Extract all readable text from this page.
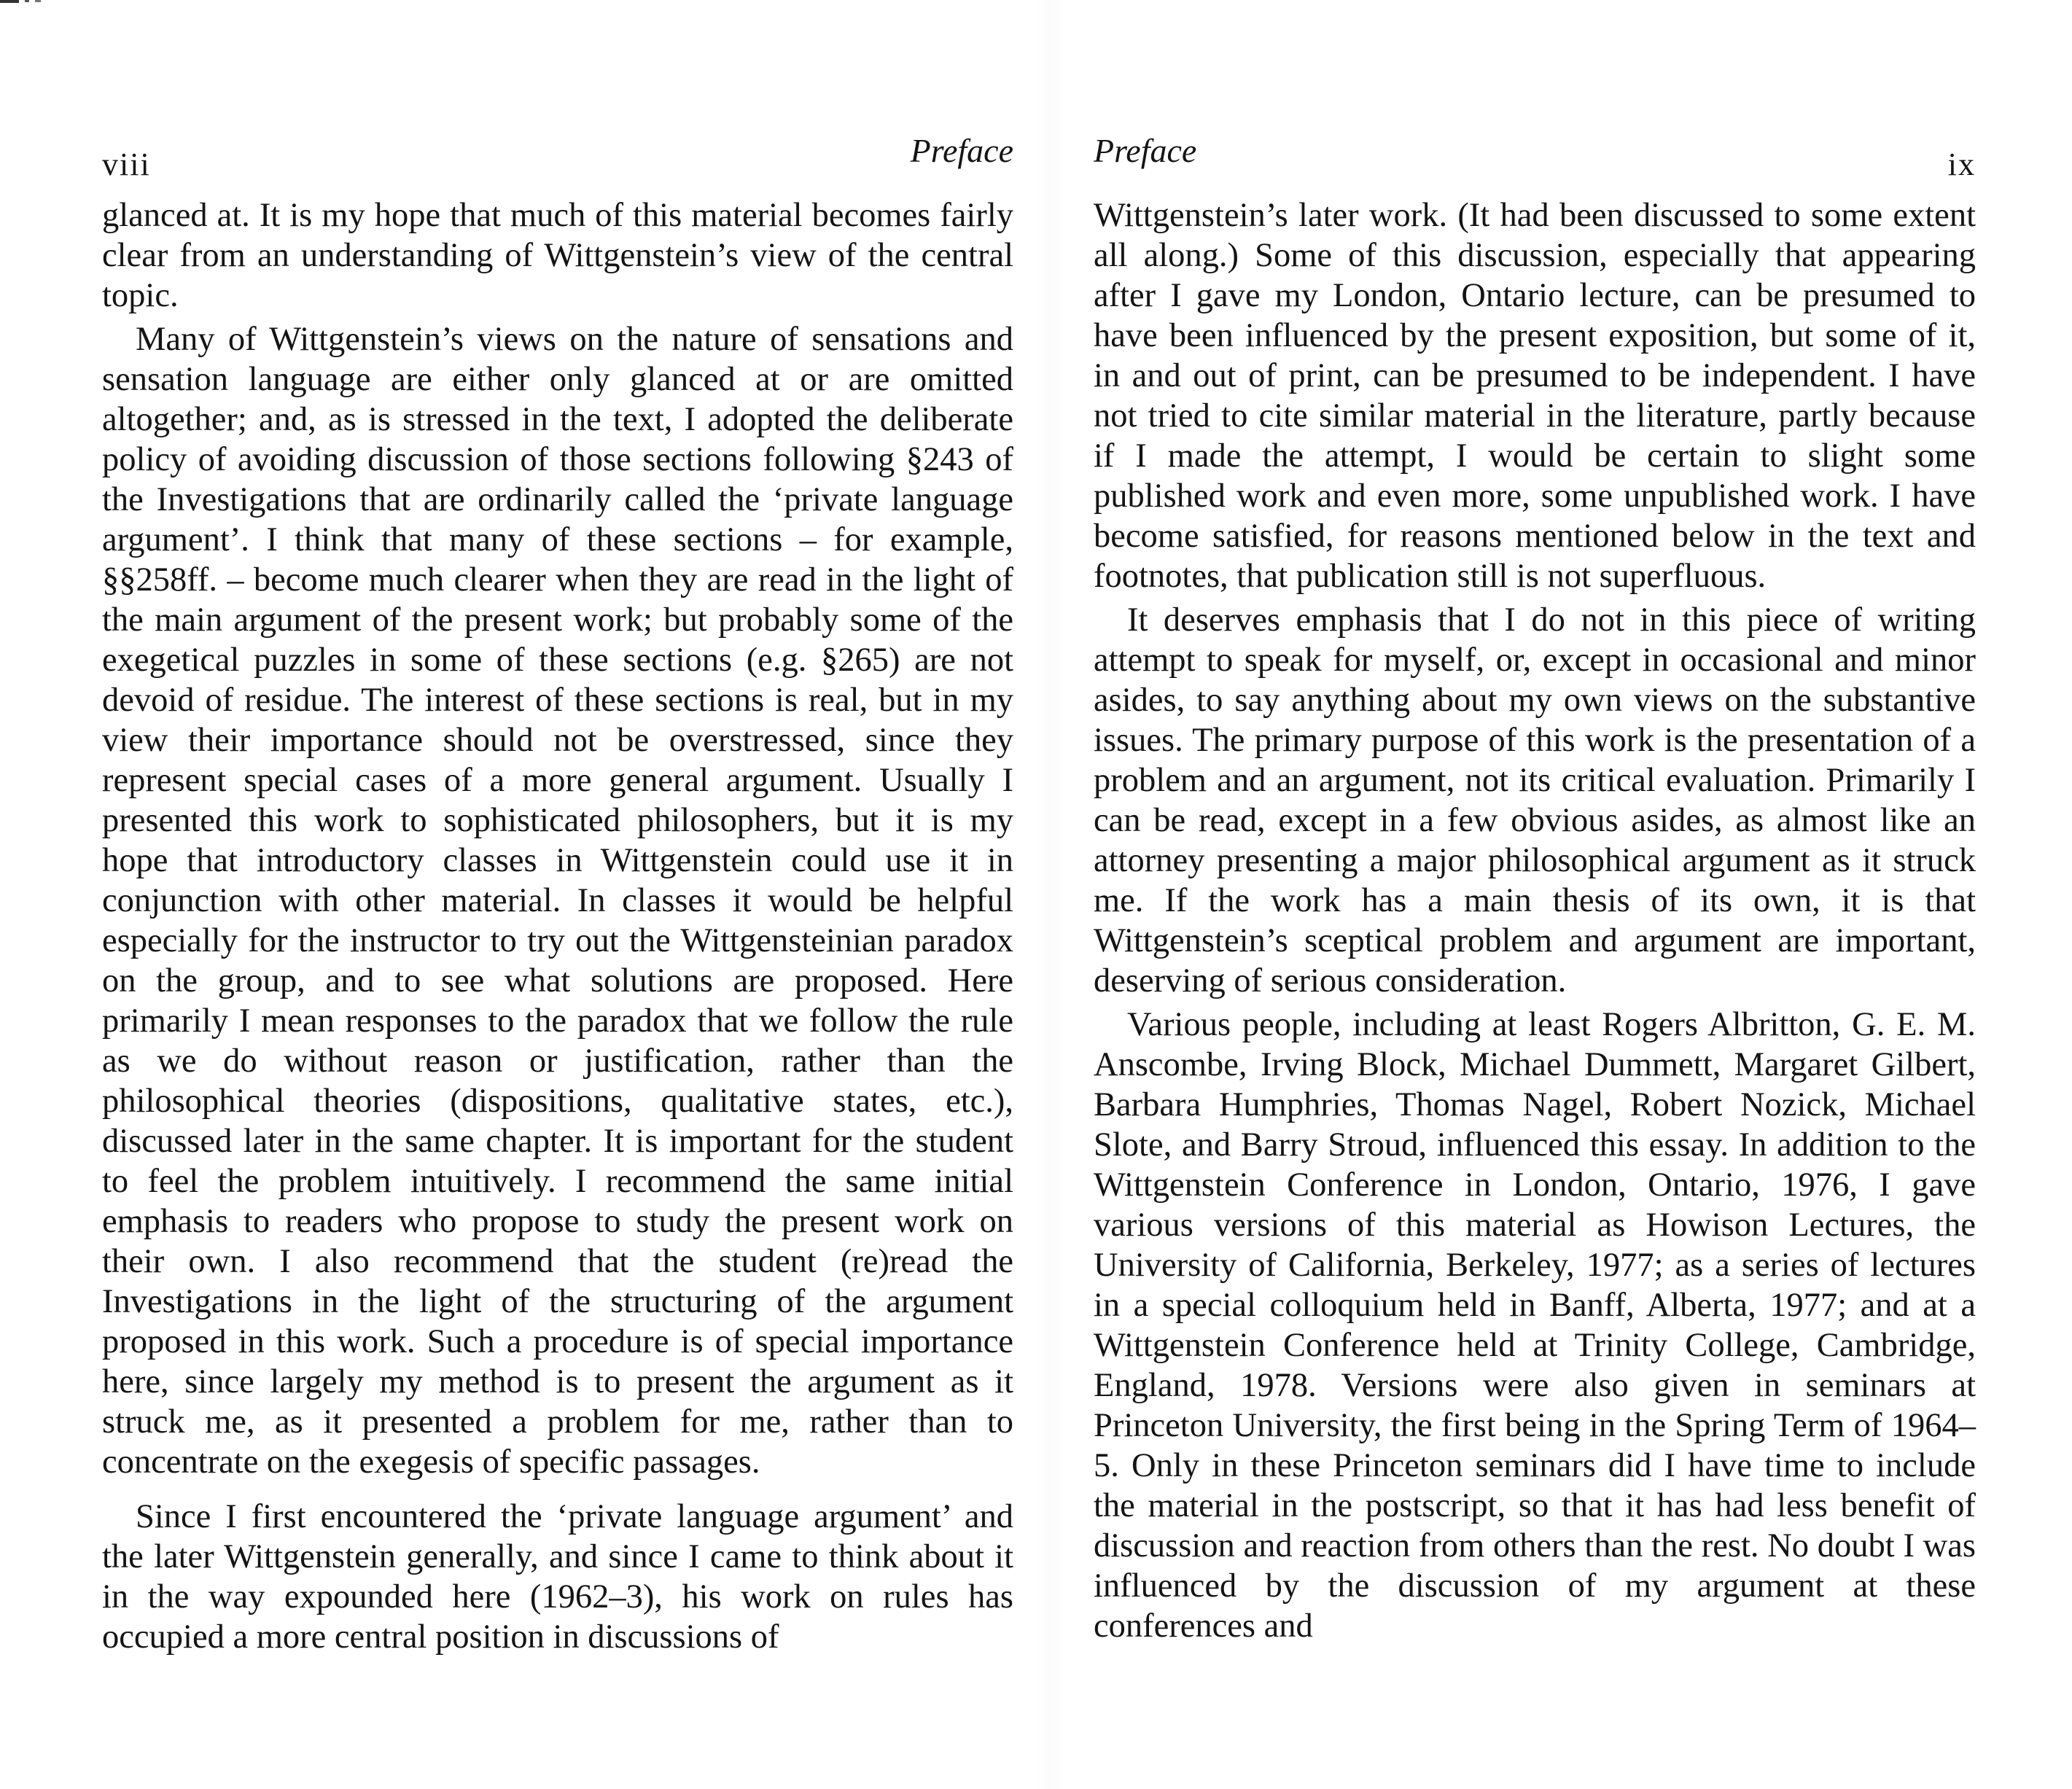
viii	Preface

glanced at. It is my hope that much of this material becomes fairly clear from an understanding of Wittgenstein’s view of the central topic.

Many of Wittgenstein’s views on the nature of sensations and sensation language are either only glanced at or are omitted altogether; and, as is stressed in the text, I adopted the deliberate policy of avoiding discussion of those sections following §243 of the Investigations that are ordinarily called the ‘private language argument’. I think that many of these sections – for example, §§258ff. – become much clearer when they are read in the light of the main argument of the present work; but probably some of the exegetical puzzles in some of these sections (e.g. §265) are not devoid of residue. The interest of these sections is real, but in my view their importance should not be overstressed, since they represent special cases of a more general argument. Usually I presented this work to sophisticated philosophers, but it is my hope that introductory classes in Wittgenstein could use it in conjunction with other material. In classes it would be helpful especially for the instructor to try out the Wittgensteinian paradox on the group, and to see what solutions are proposed. Here primarily I mean responses to the paradox that we follow the rule as we do without reason or justification, rather than the philosophical theories (dispositions, qualitative states, etc.), discussed later in the same chapter. It is important for the student to feel the problem intuitively. I recommend the same initial emphasis to readers who propose to study the present work on their own. I also recommend that the student (re)read the Investigations in the light of the structuring of the argument proposed in this work. Such a procedure is of special importance here, since largely my method is to present the argument as it struck me, as it presented a problem for me, rather than to concentrate on the exegesis of specific passages.

Since I first encountered the ‘private language argument’ and the later Wittgenstein generally, and since I came to think about it in the way expounded here (1962–3), his work on rules has occupied a more central position in discussions of

Preface	ix

Wittgenstein’s later work. (It had been discussed to some extent all along.) Some of this discussion, especially that appearing after I gave my London, Ontario lecture, can be presumed to have been influenced by the present exposition, but some of it, in and out of print, can be presumed to be independent. I have not tried to cite similar material in the literature, partly because if I made the attempt, I would be certain to slight some published work and even more, some unpublished work. I have become satisfied, for reasons mentioned below in the text and footnotes, that publication still is not superfluous.

It deserves emphasis that I do not in this piece of writing attempt to speak for myself, or, except in occasional and minor asides, to say anything about my own views on the substantive issues. The primary purpose of this work is the presentation of a problem and an argument, not its critical evaluation. Primarily I can be read, except in a few obvious asides, as almost like an attorney presenting a major philosophical argument as it struck me. If the work has a main thesis of its own, it is that Wittgenstein’s sceptical problem and argument are important, deserving of serious consideration.

Various people, including at least Rogers Albritton, G. E. M. Anscombe, Irving Block, Michael Dummett, Margaret Gilbert, Barbara Humphries, Thomas Nagel, Robert Nozick, Michael Slote, and Barry Stroud, influenced this essay. In addition to the Wittgenstein Conference in London, Ontario, 1976, I gave various versions of this material as Howison Lectures, the University of California, Berkeley, 1977; as a series of lectures in a special colloquium held in Banff, Alberta, 1977; and at a Wittgenstein Conference held at Trinity College, Cambridge, England, 1978. Versions were also given in seminars at Princeton University, the first being in the Spring Term of 1964–5. Only in these Princeton seminars did I have time to include the material in the postscript, so that it has had less benefit of discussion and reaction from others than the rest. No doubt I was influenced by the discussion of my argument at these conferences and
